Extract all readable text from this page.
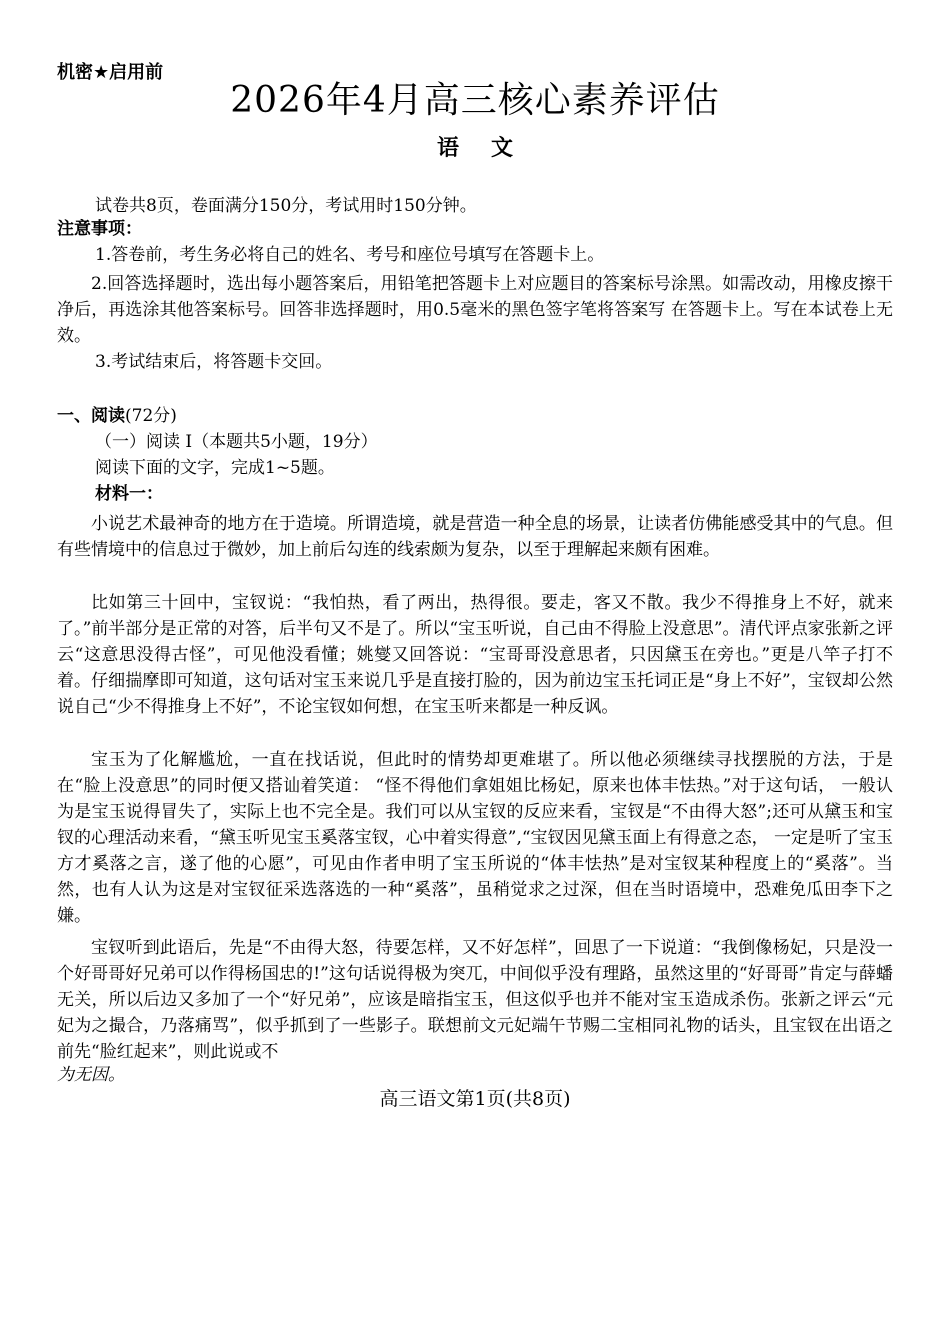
机密★启用前
2026年4月高三核心素养评估
语文
试卷共8页，卷面满分150分，考试用时150分钟。
注意事项：
1.答卷前，考生务必将自己的姓名、考号和座位号填写在答题卡上。
2.回答选择题时，选出每小题答案后，用铅笔把答题卡上对应题目的答案标号涂黑。如需改动，用橡皮擦干净后，再选涂其他答案标号。回答非选择题时，用0.5毫米的黑色签字笔将答案写 在答题卡上。写在本试卷上无效。
3.考试结束后，将答题卡交回。
一、阅读(72分)
（一）阅读 I（本题共5小题，19分）
阅读下面的文字，完成1~5题。
材料一：
小说艺术最神奇的地方在于造境。所谓造境，就是营造一种全息的场景，让读者仿佛能感受其中的气息。但有些情境中的信息过于微妙，加上前后勾连的线索颇为复杂，以至于理解起来颇有困难。
比如第三十回中，宝钗说：“我怕热，看了两出，热得很。要走，客又不散。我少不得推身上不好，就来了。”前半部分是正常的对答，后半句又不是了。所以“宝玉听说，自己由不得脸上没意思”。清代评点家张新之评云“这意思没得古怪”，可见他没看懂；姚燮又回答说：“宝哥哥没意思者，只因黛玉在旁也。”更是八竿子打不着。仔细揣摩即可知道，这句话对宝玉来说几乎是直接打脸的，因为前边宝玉托词正是“身上不好”，宝钗却公然说自己“少不得推身上不好”，不论宝钗如何想，在宝玉听来都是一种反讽。
宝玉为了化解尴尬，一直在找话说，但此时的情势却更难堪了。所以他必须继续寻找摆脱的方法，于是在“脸上没意思”的同时便又搭讪着笑道： “怪不得他们拿姐姐比杨妃，原来也体丰怯热。”对于这句话， 一般认为是宝玉说得冒失了，实际上也不完全是。我们可以从宝钗的反应来看，宝钗是“不由得大怒”;还可从黛玉和宝钗的心理活动来看，“黛玉听见宝玉奚落宝钗，心中着实得意”,“宝钗因见黛玉面上有得意之态， 一定是听了宝玉方才奚落之言，遂了他的心愿”，可见由作者申明了宝玉所说的“体丰怯热”是对宝钗某种程度上的“奚落”。当然，也有人认为这是对宝钗征采选落选的一种“奚落”，虽稍觉求之过深，但在当时语境中，恐难免瓜田李下之嫌。
宝钗听到此语后，先是“不由得大怒，待要怎样，又不好怎样”，回思了一下说道：“我倒像杨妃，只是没一个好哥哥好兄弟可以作得杨国忠的!”这句话说得极为突兀，中间似乎没有理路，虽然这里的“好哥哥”肯定与薛蟠无关，所以后边又多加了一个“好兄弟”，应该是暗指宝玉，但这似乎也并不能对宝玉造成杀伤。张新之评云“元妃为之撮合，乃落痛骂”，似乎抓到了一些影子。联想前文元妃端午节赐二宝相同礼物的话头，且宝钗在出语之前先“脸红起来”，则此说或不
为无因。
高三语文第1页(共8页)
